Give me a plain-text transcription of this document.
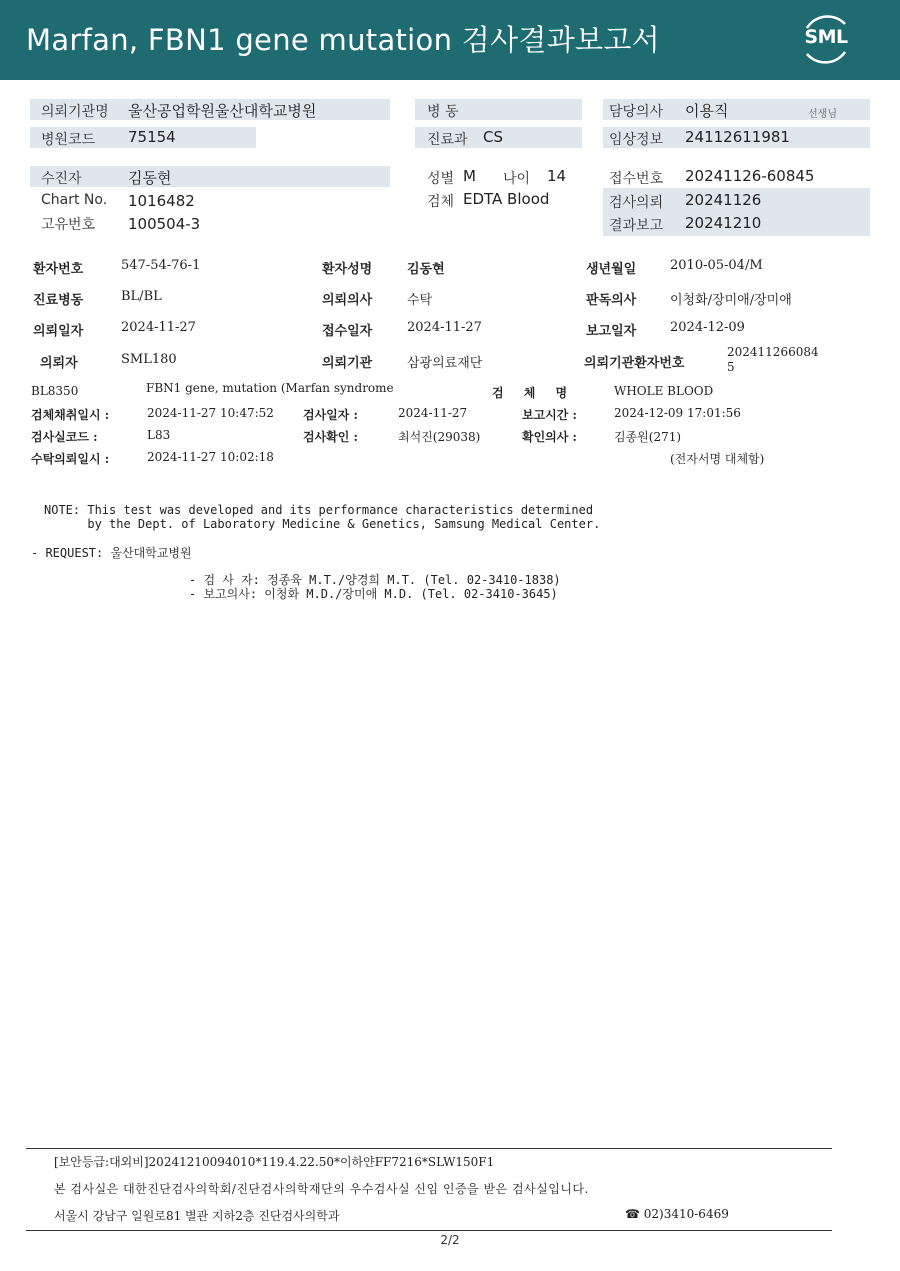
Marfan, FBN1 gene mutation 검사결과보고서	SML
의뢰기관명 울산공업학원울산대학교병원
병원코드 75154
병 동
진료과 CS
담당의사 이용직	선생님
임상정보 24112611981
수진자	김동현
Chart No. 1016482
고유번호 100504-3
성별 M 나이 14
검체 EDTA Blood
접수번호 20241126-60845
검사의뢰 20241126
결과보고 20241210
환자번호	547-54-76-1	환자성명	김동현	생년월일	2010-05-04/M
진료병동	BL/BL	의뢰의사	수탁	판독의사	이청화/장미애/장미애
의뢰일자	2024-11-27	접수일자	2024-11-27	보고일자	2024-12-09
의뢰자	SML180	의뢰기관	삼광의료재단	의뢰기관환자번호
202411266084
5
BL8350	FBN1 gene, mutation (Marfan syndrome	검 체 명	WHOLE BLOOD
검체채취일시 :	2024-11-27 10:47:52 검사일자 :	2024-11-27	보고시간 :	2024-12-09 17:01:56
검사실코드 :	L83	검사확인 :	최석진(29038)	확인의사 :	김종원(271)
수탁의뢰일시 :	2024-11-27 10:02:18	(전자서명 대체함)
NOTE: This test was developed and its performance characteristics determined
by the Dept. of Laboratory Medicine & Genetics, Samsung Medical Center.
- REQUEST: 울산대학교병원
- 검 사 자: 정종육 M.T./양경희 M.T. (Tel. 02-3410-1838)
- 보고의사: 이청화 M.D./장미애 M.D. (Tel. 02-3410-3645)
[보안등급:대외비]20241210094010*119.4.22.50*이하얀FF7216*SLW150F1
본 검사실은 대한진단검사의학회/진단검사의학재단의 우수검사실 신임 인증을 받은 검사실입니다.
서울시 강남구 일원로81 별관 지하2층 진단검사의학과	☎ 02)3410-6469
2/2
